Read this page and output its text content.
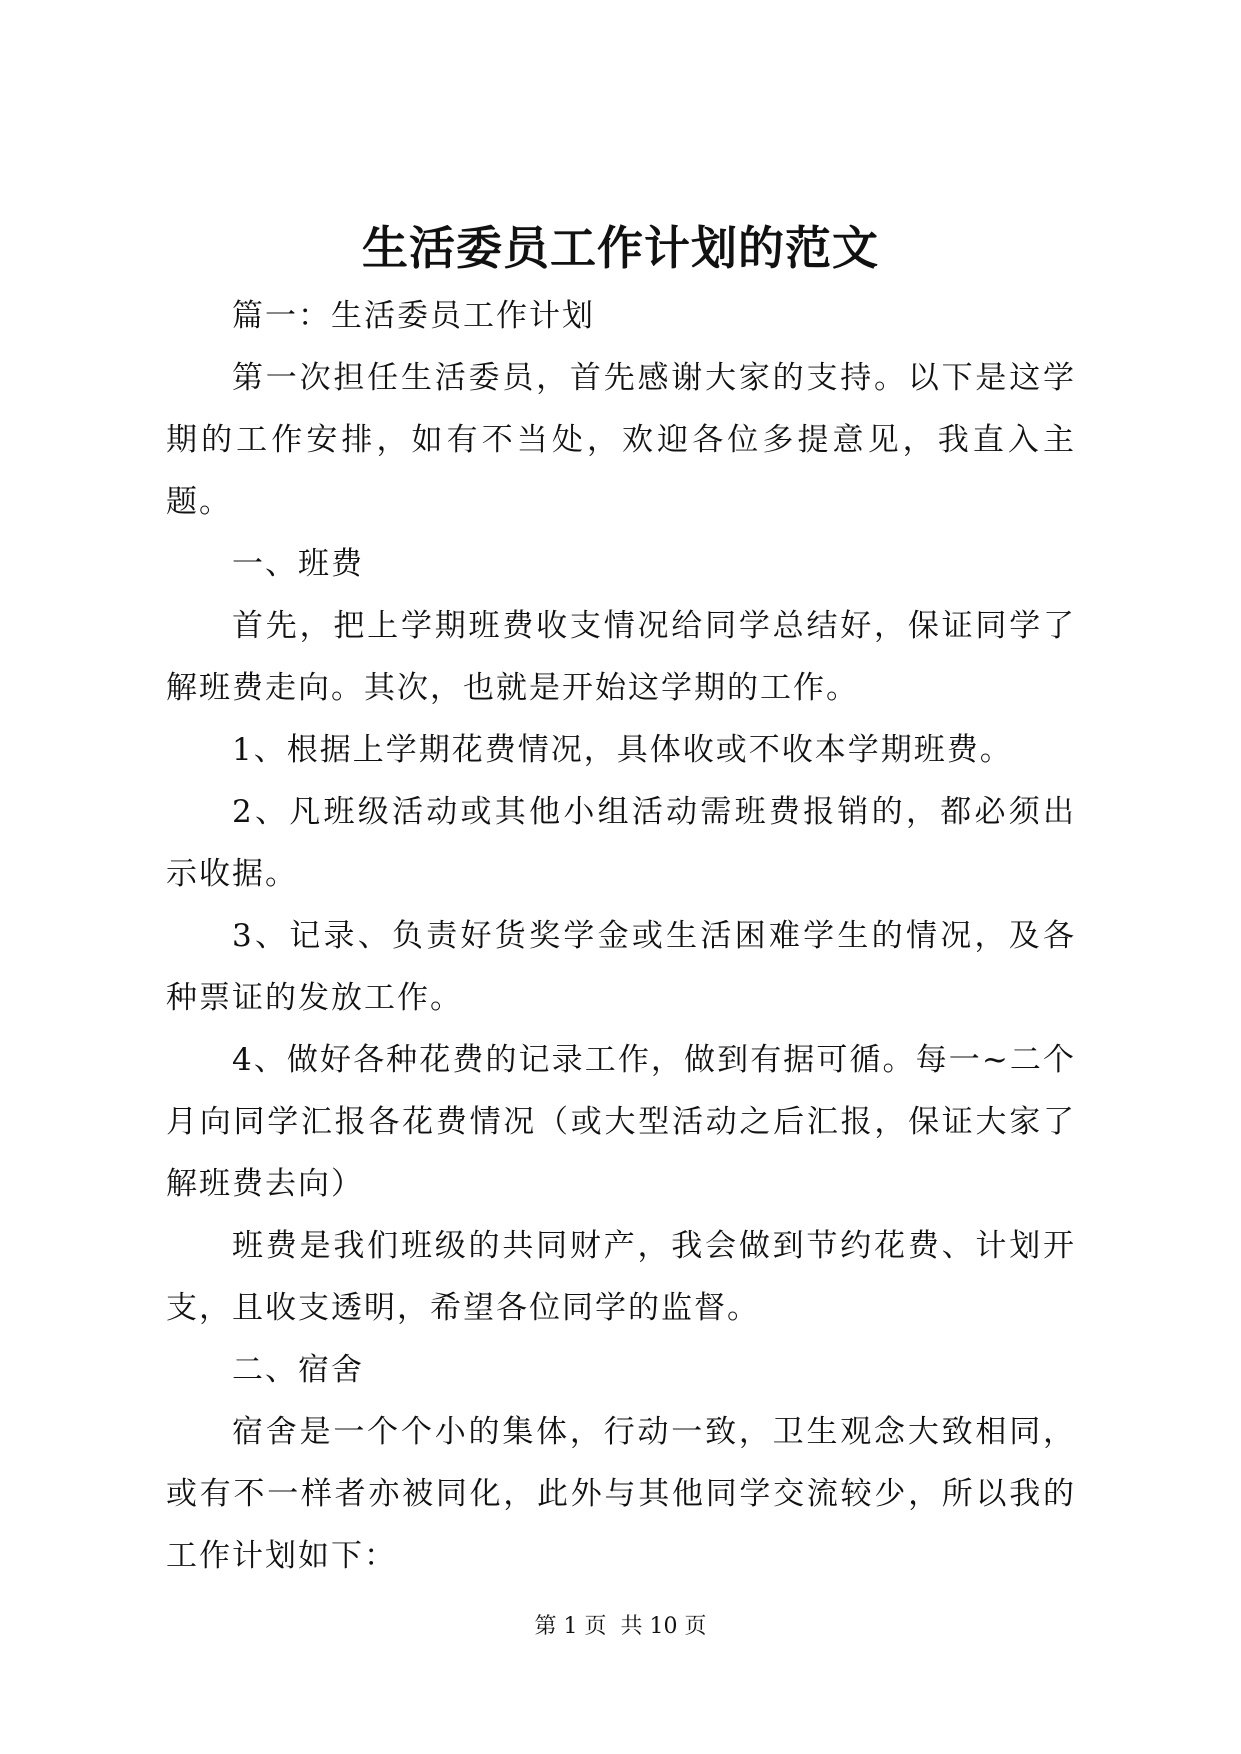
生活委员工作计划的范文

篇一：生活委员工作计划

第一次担任生活委员，首先感谢大家的支持。以下是这学期的工作安排，如有不当处，欢迎各位多提意见，我直入主题。

一、班费

首先，把上学期班费收支情况给同学总结好，保证同学了解班费走向。其次，也就是开始这学期的工作。

1、根据上学期花费情况，具体收或不收本学期班费。

2、凡班级活动或其他小组活动需班费报销的，都必须出示收据。

3、记录、负责好货奖学金或生活困难学生的情况，及各种票证的发放工作。

4、做好各种花费的记录工作，做到有据可循。每一~二个月向同学汇报各花费情况（或大型活动之后汇报，保证大家了解班费去向）

班费是我们班级的共同财产，我会做到节约花费、计划开支，且收支透明，希望各位同学的监督。

二、宿舍

宿舍是一个个小的集体，行动一致，卫生观念大致相同，或有不一样者亦被同化，此外与其他同学交流较少，所以我的工作计划如下：

第 1 页  共 10 页
